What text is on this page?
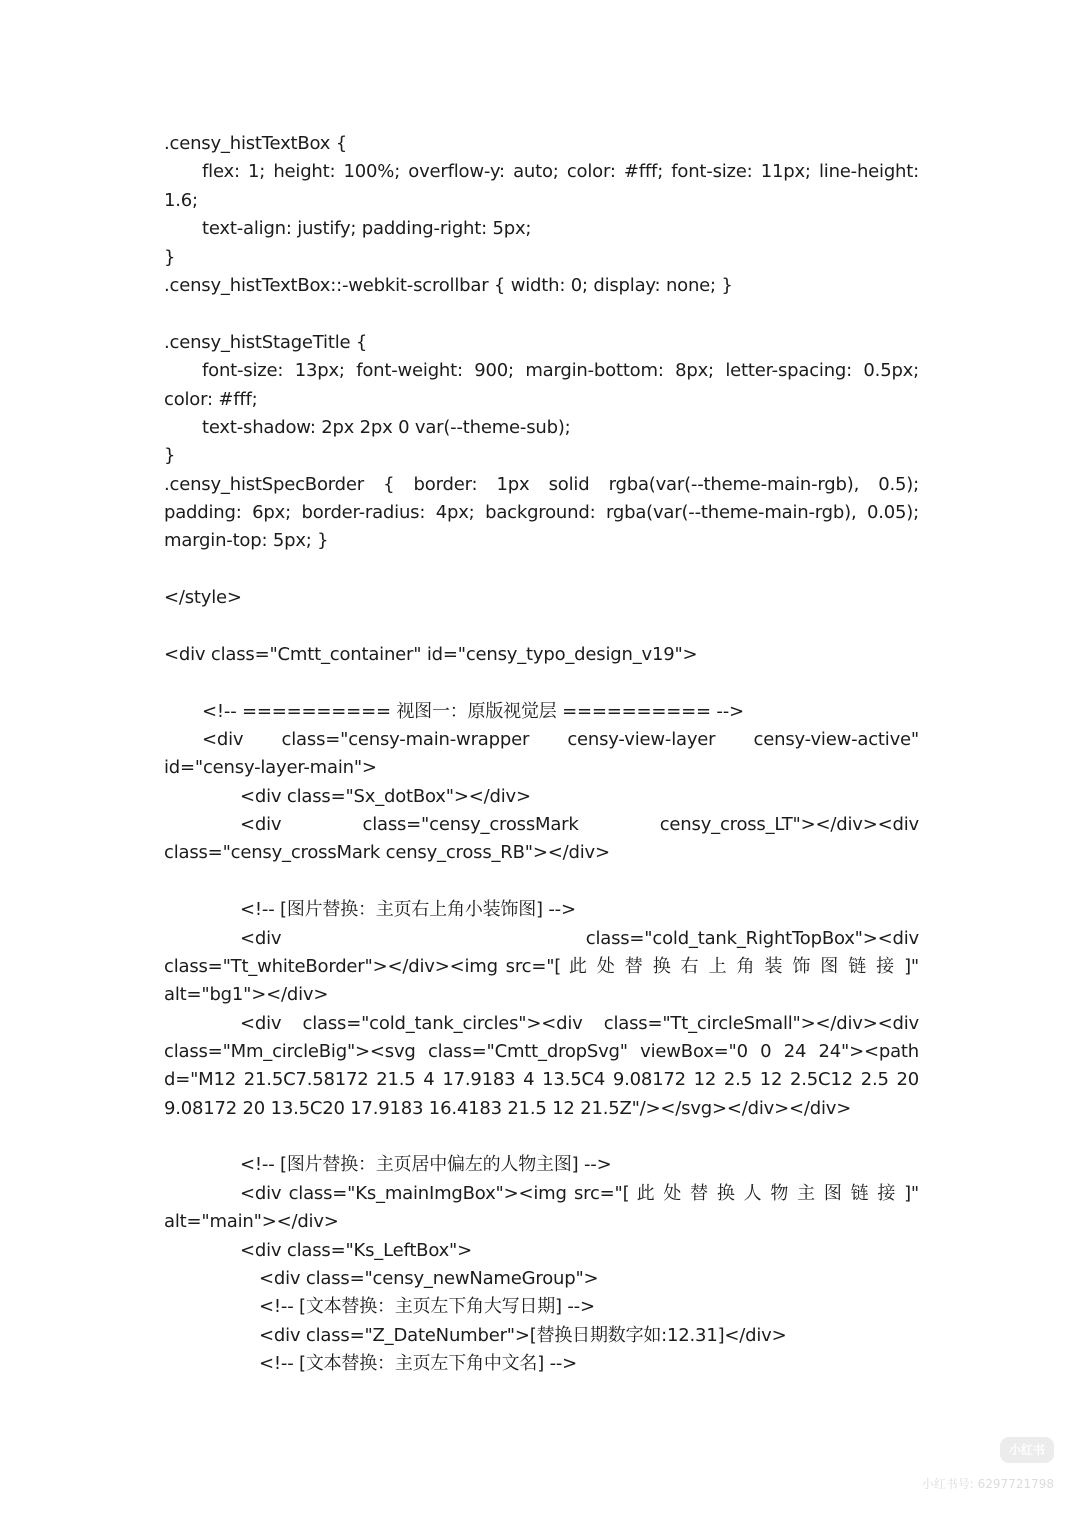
.censy_histTextBox {
flex: 1; height: 100%; overflow-y: auto; color: #fff; font-size: 11px; line-height:
1.6;
text-align: justify; padding-right: 5px;
}
.censy_histTextBox::-webkit-scrollbar { width: 0; display: none; }
.censy_histStageTitle {
font-size: 13px; font-weight: 900; margin-bottom: 8px; letter-spacing: 0.5px;
color: #fff;
text-shadow: 2px 2px 0 var(--theme-sub);
}
.censy_histSpecBorder { border: 1px solid rgba(var(--theme-main-rgb), 0.5);
padding: 6px; border-radius: 4px; background: rgba(var(--theme-main-rgb), 0.05);
margin-top: 5px; }
</style>
<div class="Cmtt_container" id="censy_typo_design_v19">
<!-- ========== 视图一：原版视觉层 ========== -->
<div class="censy-main-wrapper censy-view-layer censy-view-active"
id="censy-layer-main">
<div class="Sx_dotBox"></div>
<div class="censy_crossMark censy_cross_LT"></div><div
class="censy_crossMark censy_cross_RB"></div>
<!-- [图片替换：主页右上角小装饰图] -->
<div class="cold_tank_RightTopBox"><div
class="Tt_whiteBorder"></div><img src="[ 此 处 替 换 右 上 角 装 饰 图 链 接 ]"
alt="bg1"></div>
<div class="cold_tank_circles"><div class="Tt_circleSmall"></div><div
class="Mm_circleBig"><svg class="Cmtt_dropSvg" viewBox="0 0 24 24"><path
d="M12 21.5C7.58172 21.5 4 17.9183 4 13.5C4 9.08172 12 2.5 12 2.5C12 2.5 20
9.08172 20 13.5C20 17.9183 16.4183 21.5 12 21.5Z"/></svg></div></div>
<!-- [图片替换：主页居中偏左的人物主图] -->
<div class="Ks_mainImgBox"><img src="[ 此 处 替 换 人 物 主 图 链 接 ]"
alt="main"></div>
<div class="Ks_LeftBox">
<div class="censy_newNameGroup">
<!-- [文本替换：主页左下角大写日期] -->
<div class="Z_DateNumber">[替换日期数字如:12.31]</div>
<!-- [文本替换：主页左下角中文名] -->
小红书
小红书号: 6297721798
